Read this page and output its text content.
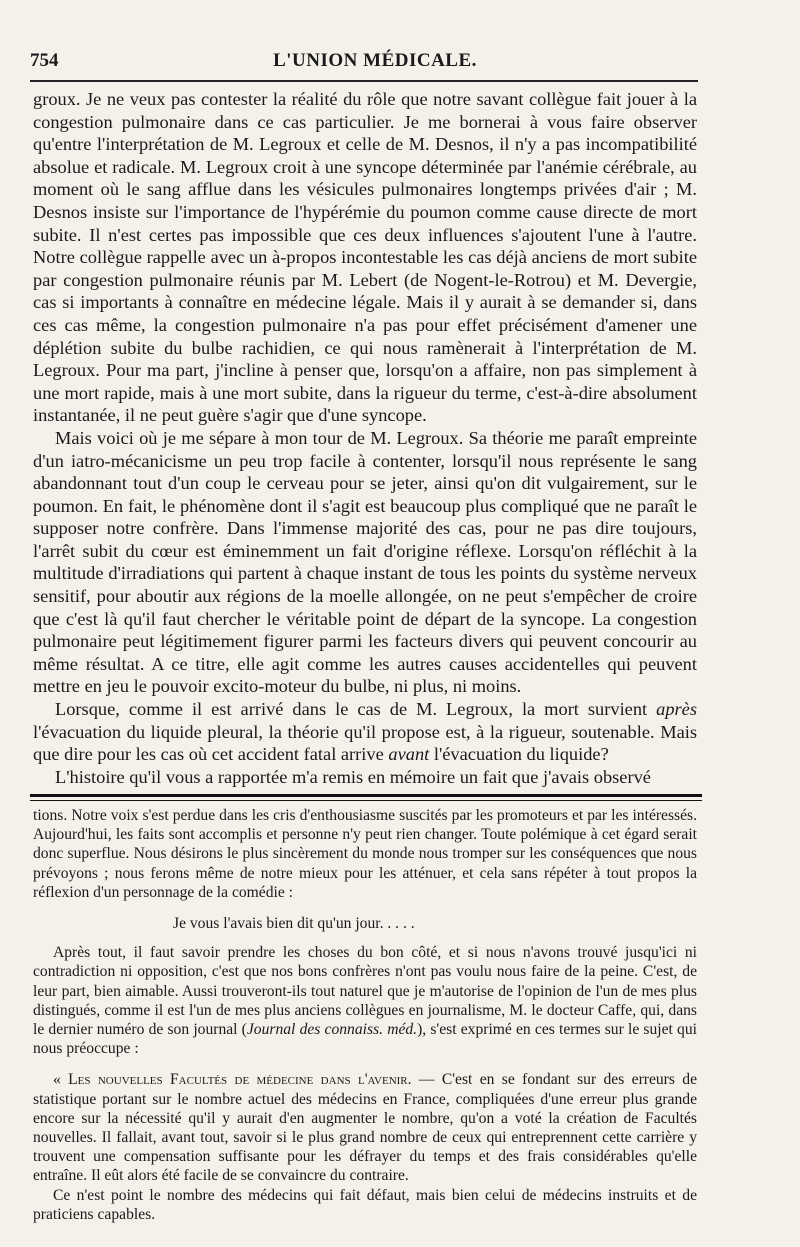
754	L'UNION MÉDICALE.

groux. Je ne veux pas contester la réalité du rôle que notre savant collègue fait jouer à la congestion pulmonaire dans ce cas particulier. Je me bornerai à vous faire observer qu'entre l'interprétation de M. Legroux et celle de M. Desnos, il n'y a pas incompatibilité absolue et radicale. M. Legroux croit à une syncope déterminée par l'anémie cérébrale, au moment où le sang afflue dans les vésicules pulmonaires longtemps privées d'air ; M. Desnos insiste sur l'importance de l'hypérémie du poumon comme cause directe de mort subite. Il n'est certes pas impossible que ces deux influences s'ajoutent l'une à l'autre. Notre collègue rappelle avec un à-propos incontestable les cas déjà anciens de mort subite par congestion pulmonaire réunis par M. Lebert (de Nogent-le-Rotrou) et M. Devergie, cas si importants à connaître en médecine légale. Mais il y aurait à se demander si, dans ces cas même, la congestion pulmonaire n'a pas pour effet précisément d'amener une déplétion subite du bulbe rachidien, ce qui nous ramènerait à l'interprétation de M. Legroux. Pour ma part, j'incline à penser que, lorsqu'on a affaire, non pas simplement à une mort rapide, mais à une mort subite, dans la rigueur du terme, c'est-à-dire absolument instantanée, il ne peut guère s'agir que d'une syncope.

Mais voici où je me sépare à mon tour de M. Legroux. Sa théorie me paraît empreinte d'un iatro-mécanicisme un peu trop facile à contenter, lorsqu'il nous représente le sang abandonnant tout d'un coup le cerveau pour se jeter, ainsi qu'on dit vulgairement, sur le poumon. En fait, le phénomène dont il s'agit est beaucoup plus compliqué que ne paraît le supposer notre confrère. Dans l'immense majorité des cas, pour ne pas dire toujours, l'arrêt subit du cœur est éminemment un fait d'origine réflexe. Lorsqu'on réfléchit à la multitude d'irradiations qui partent à chaque instant de tous les points du système nerveux sensitif, pour aboutir aux régions de la moelle allongée, on ne peut s'empêcher de croire que c'est là qu'il faut chercher le véritable point de départ de la syncope. La congestion pulmonaire peut légitimement figurer parmi les facteurs divers qui peuvent concourir au même résultat. A ce titre, elle agit comme les autres causes accidentelles qui peuvent mettre en jeu le pouvoir excito-moteur du bulbe, ni plus, ni moins.

Lorsque, comme il est arrivé dans le cas de M. Legroux, la mort survient après l'évacuation du liquide pleural, la théorie qu'il propose est, à la rigueur, soutenable. Mais que dire pour les cas où cet accident fatal arrive avant l'évacuation du liquide?

L'histoire qu'il vous a rapportée m'a remis en mémoire un fait que j'avais observé

tions. Notre voix s'est perdue dans les cris d'enthousiasme suscités par les promoteurs et par les intéressés. Aujourd'hui, les faits sont accomplis et personne n'y peut rien changer. Toute polémique à cet égard serait donc superflue. Nous désirons le plus sincèrement du monde nous tromper sur les conséquences que nous prévoyons ; nous ferons même de notre mieux pour les atténuer, et cela sans répéter à tout propos la réflexion d'un personnage de la comédie :

Je vous l'avais bien dit qu'un jour. . . . .

Après tout, il faut savoir prendre les choses du bon côté, et si nous n'avons trouvé jusqu'ici ni contradiction ni opposition, c'est que nos bons confrères n'ont pas voulu nous faire de la peine. C'est, de leur part, bien aimable. Aussi trouveront-ils tout naturel que je m'autorise de l'opinion de l'un de mes plus distingués, comme il est l'un de mes plus anciens collègues en journalisme, M. le docteur Caffe, qui, dans le dernier numéro de son journal (Journal des connaiss. méd.), s'est exprimé en ces termes sur le sujet qui nous préoccupe :

« Les nouvelles Facultés de médecine dans l'avenir. — C'est en se fondant sur des erreurs de statistique portant sur le nombre actuel des médecins en France, compliquées d'une erreur plus grande encore sur la nécessité qu'il y aurait d'en augmenter le nombre, qu'on a voté la création de Facultés nouvelles. Il fallait, avant tout, savoir si le plus grand nombre de ceux qui entreprennent cette carrière y trouvent une compensation suffisante pour les défrayer du temps et des frais considérables qu'elle entraîne. Il eût alors été facile de se convaincre du contraire.

Ce n'est point le nombre des médecins qui fait défaut, mais bien celui de médecins instruits et de praticiens capables.
